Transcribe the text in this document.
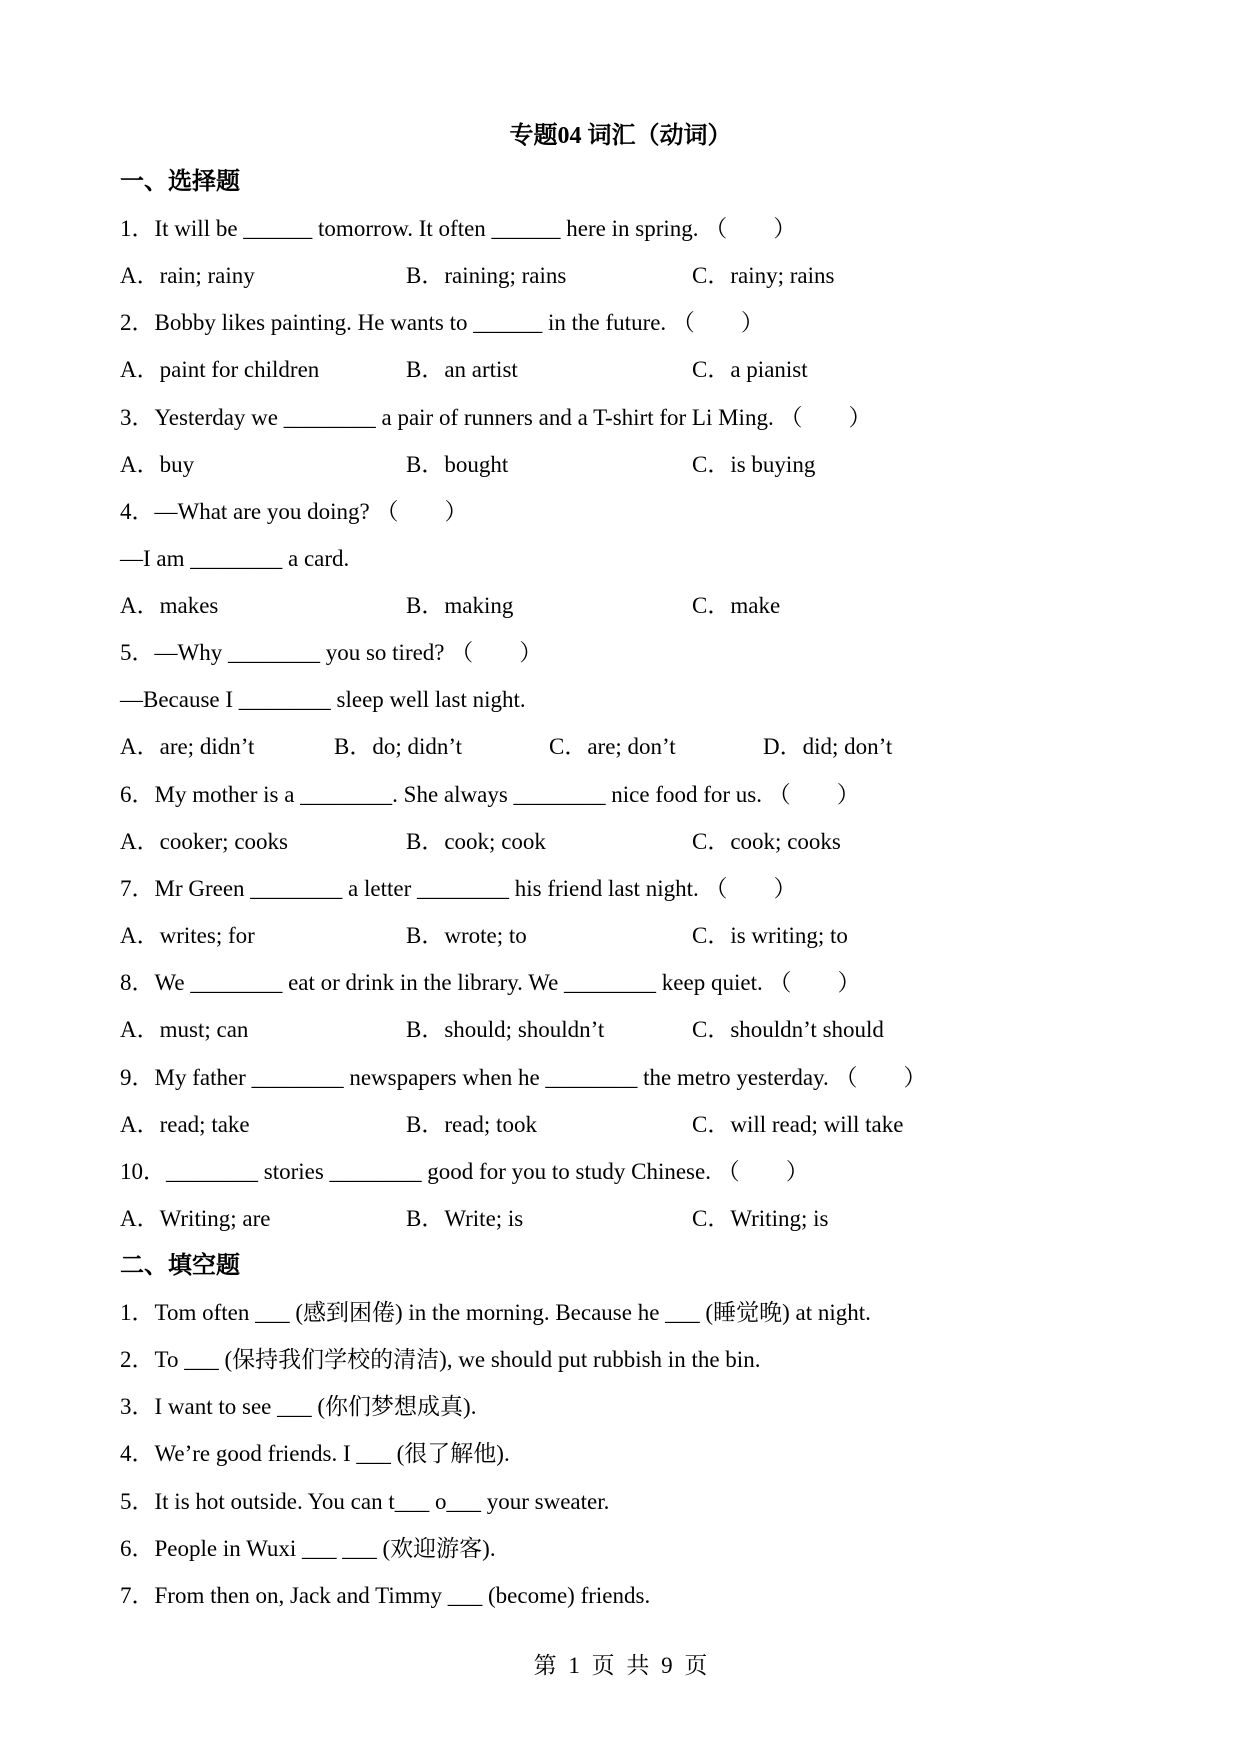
专题04 词汇（动词）
一、选择题
1．It will be ______ tomorrow. It often ______ here in spring. （　　）

A．rain; rainy

	B．raining; rains

	C．rainy; rains

2．Bobby likes painting. He wants to ______ in the future. （　　）

A．paint for children

	B．an artist

	C．a pianist

3．Yesterday we ________ a pair of runners and a T-shirt for Li Ming. （　　）

A．buy

	B．bought

	C．is buying

4．—What are you doing? （　　）
—I am ________ a card.

A．makes

	B．making

	C．make

5．—Why ________ you so tired? （　　）
—Because I ________ sleep well last night.

A．are; didn’t

	B．do; didn’t

	C．are; don’t

	D．did; don’t

6．My mother is a ________. She always ________ nice food for us. （　　）

A．cooker; cooks

	B．cook; cook

	C．cook; cooks

7．Mr Green ________ a letter ________ his friend last night. （　　）

A．writes; for

	B．wrote; to

	C．is writing; to

8．We ________ eat or drink in the library. We ________ keep quiet. （　　）

A．must; can

	B．should; shouldn’t

	C．shouldn’t should

9．My father ________ newspapers when he ________ the metro yesterday. （　　）

A．read; take

	B．read; took

	C．will read; will take

10．________ stories ________ good for you to study Chinese. （　　）

A．Writing; are

	B．Write; is

	C．Writing; is

二、填空题
1．Tom often ___ (感到困倦) in the morning. Because he ___ (睡觉晚) at night.
2．To ___ (保持我们学校的清洁), we should put rubbish in the bin.
3．I want to see ___ (你们梦想成真).
4．We’re good friends. I ___ (很了解他).
5．It is hot outside. You can t___ o___ your sweater.
6．People in Wuxi ___ ___ (欢迎游客).
7．From then on, Jack and Timmy ___ (become) friends.
第 1 页 共 9 页
